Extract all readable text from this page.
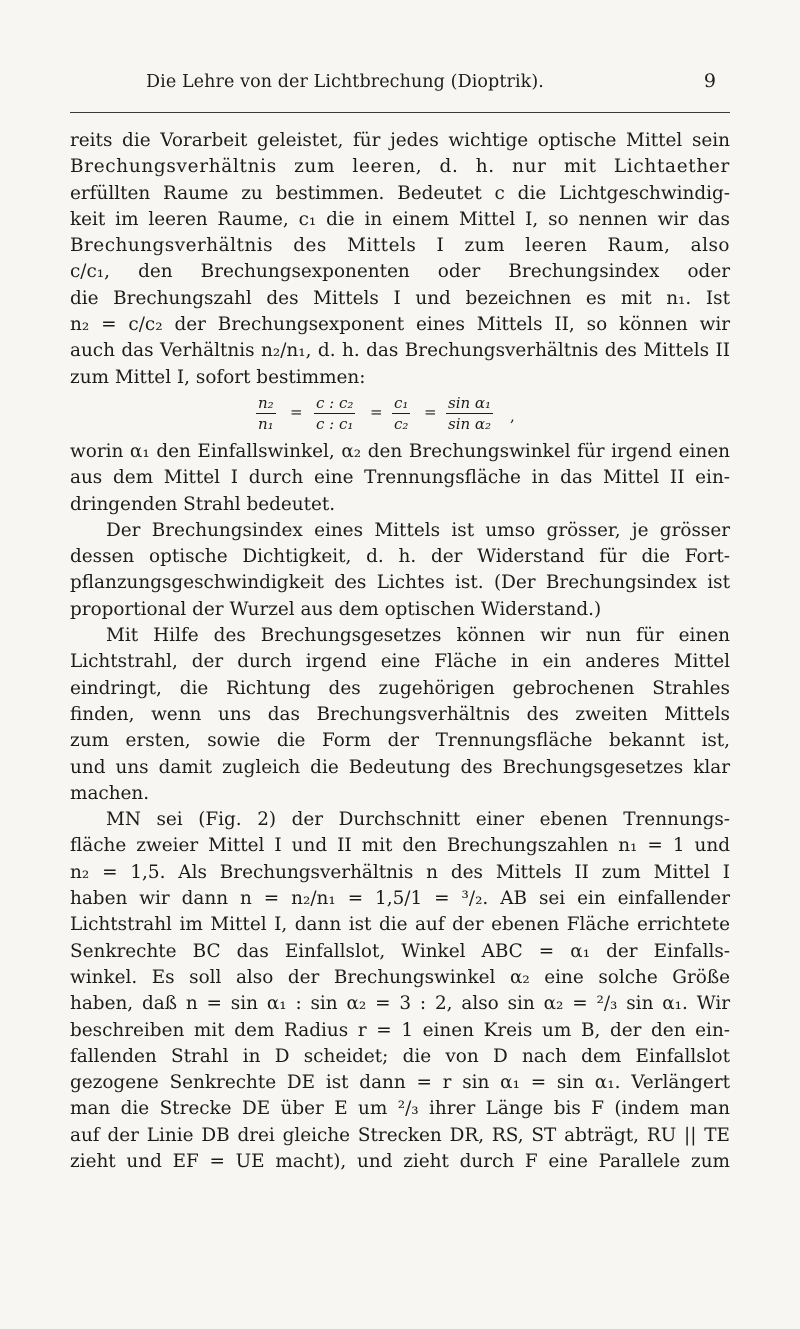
Die Lehre von der Lichtbrechung (Dioptrik).	9
reits die Vorarbeit geleistet, für jedes wichtige optische Mittel sein
Brechungsverhältnis zum leeren, d. h. nur mit Lichtaether
erfüllten Raume zu bestimmen. Bedeutet c die Lichtgeschwindig-
keit im leeren Raume, c₁ die in einem Mittel I, so nennen wir das
Brechungsverhältnis des Mittels I zum leeren Raum, also
c/c₁, den Brechungsexponenten oder Brechungsindex oder
die Brechungszahl des Mittels I und bezeichnen es mit n₁. Ist
n₂ = c/c₂ der Brechungsexponent eines Mittels II, so können wir
auch das Verhältnis n₂/n₁, d. h. das Brechungsverhältnis des Mittels II
zum Mittel I, sofort bestimmen:
$\frac{\text{n₂}}{\text{n₁}} = \frac{\text{c : c₂}}{\text{c : c₁}} = \frac{\text{c₁}}{\text{c₂}} = \frac{\text{sin α₁}}{\text{sin α₂}}$ ,
worin α₁ den Einfallswinkel, α₂ den Brechungswinkel für irgend einen
aus dem Mittel I durch eine Trennungsfläche in das Mittel II ein-
dringenden Strahl bedeutet.
Der Brechungsindex eines Mittels ist umso grösser, je grösser
dessen optische Dichtigkeit, d. h. der Widerstand für die Fort-
pflanzungsgeschwindigkeit des Lichtes ist. (Der Brechungsindex ist
proportional der Wurzel aus dem optischen Widerstand.)
Mit Hilfe des Brechungsgesetzes können wir nun für einen
Lichtstrahl, der durch irgend eine Fläche in ein anderes Mittel
eindringt, die Richtung des zugehörigen gebrochenen Strahles
finden, wenn uns das Brechungsverhältnis des zweiten Mittels
zum ersten, sowie die Form der Trennungsfläche bekannt ist,
und uns damit zugleich die Bedeutung des Brechungsgesetzes klar
machen.
MN sei (Fig. 2) der Durchschnitt einer ebenen Trennungs-
fläche zweier Mittel I und II mit den Brechungszahlen n₁ = 1 und
n₂ = 1,5. Als Brechungsverhältnis n des Mittels II zum Mittel I
haben wir dann n = n₂/n₁ = 1,5/1 = ³/₂. AB sei ein einfallender
Lichtstrahl im Mittel I, dann ist die auf der ebenen Fläche errichtete
Senkrechte BC das Einfallslot, Winkel ABC = α₁ der Einfalls-
winkel. Es soll also der Brechungswinkel α₂ eine solche Größe
haben, daß n = sin α₁ : sin α₂ = 3 : 2, also sin α₂ = ²/₃ sin α₁. Wir
beschreiben mit dem Radius r = 1 einen Kreis um B, der den ein-
fallenden Strahl in D scheidet; die von D nach dem Einfallslot
gezogene Senkrechte DE ist dann = r sin α₁ = sin α₁. Verlängert
man die Strecke DE über E um ²/₃ ihrer Länge bis F (indem man
auf der Linie DB drei gleiche Strecken DR, RS, ST abträgt, RU || TE
zieht und EF = UE macht), und zieht durch F eine Parallele zum
